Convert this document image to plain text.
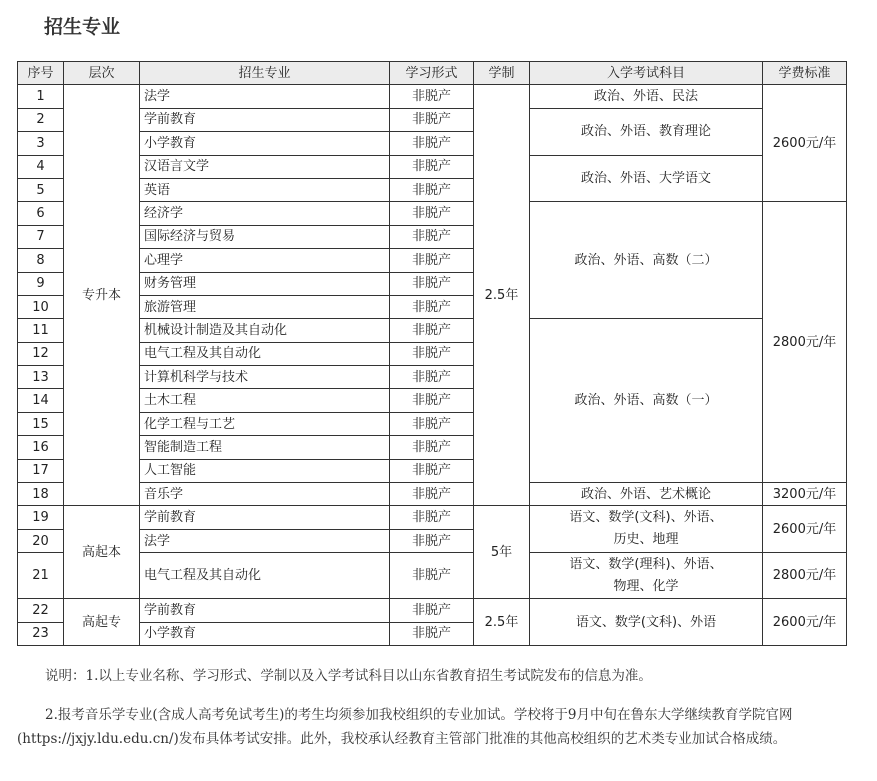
招生专业
序号	层次	招生专业	学习形式	学制	入学考试科目	学费标准
1	专升本	法学	非脱产	2.5年	政治、外语、民法	2600元/年
2		学前教育	非脱产		政治、外语、教育理论	
3		小学教育	非脱产			
4		汉语言文学	非脱产		政治、外语、大学语文	
5		英语	非脱产			
6		经济学	非脱产		政治、外语、高数（二）	2800元/年
7		国际经济与贸易	非脱产			
8		心理学	非脱产			
9		财务管理	非脱产			
10		旅游管理	非脱产			
11		机械设计制造及其自动化	非脱产		政治、外语、高数（一）	
12		电气工程及其自动化	非脱产			
13		计算机科学与技术	非脱产			
14		土木工程	非脱产			
15		化学工程与工艺	非脱产			
16		智能制造工程	非脱产			
17		人工智能	非脱产			
18		音乐学	非脱产		政治、外语、艺术概论	3200元/年
19	高起本	学前教育	非脱产	5年	语文、数学(文科)、外语、
历史、地理	2600元/年
20		法学	非脱产			
21		电气工程及其自动化	非脱产		语文、数学(理科)、外语、
物理、化学	2800元/年
22	高起专	学前教育	非脱产	2.5年	语文、数学(文科)、外语	2600元/年
23		小学教育	非脱产			
说明：1.以上专业名称、学习形式、学制以及入学考试科目以山东省教育招生考试院发布的信息为准。
2.报考音乐学专业(含成人高考免试考生)的考生均须参加我校组织的专业加试。学校将于9月中旬在鲁东大学继续教育学院官网(https://jxjy.ldu.edu.cn/)发布具体考试安排。此外，我校承认经教育主管部门批准的其他高校组织的艺术类专业加试合格成绩。
